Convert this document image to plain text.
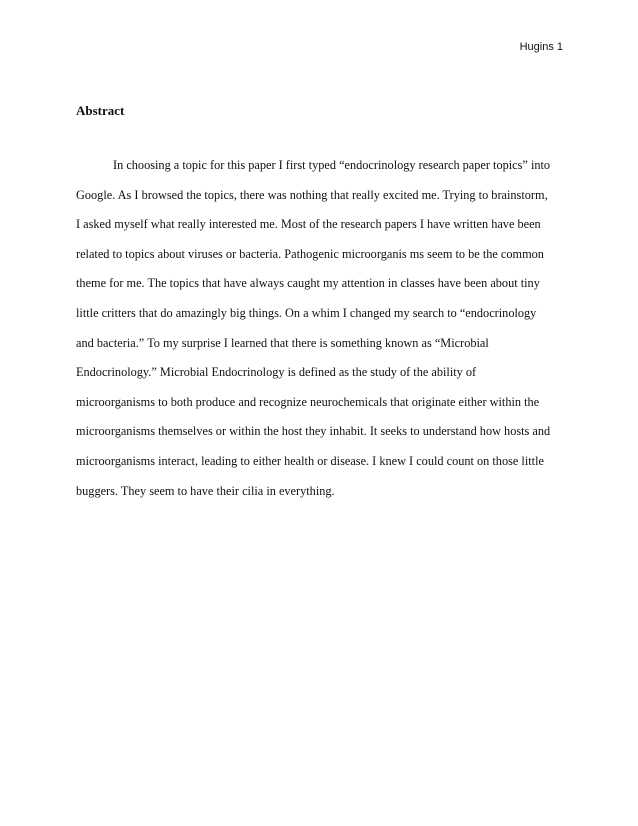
Hugins 1
Abstract
In choosing a topic for this paper I first typed “endocrinology research paper topics” into
Google. As I browsed the topics, there was nothing that really excited me. Trying to brainstorm,
I asked myself what really interested me. Most of the research papers I have written have been
related to topics about viruses or bacteria. Pathogenic microorganis ms seem to be the common
theme for me. The topics that have always caught my attention in classes have been about tiny
little critters that do amazingly big things. On a whim I changed my search to “endocrinology
and bacteria.” To my surprise I learned that there is something known as “Microbial
Endocrinology.” Microbial Endocrinology is defined as the study of the ability of
microorganisms to both produce and recognize neurochemicals that originate either within the
microorganisms themselves or within the host they inhabit. It seeks to understand how hosts and
microorganisms interact, leading to either health or disease. I knew I could count on those little
buggers. They seem to have their cilia in everything.
